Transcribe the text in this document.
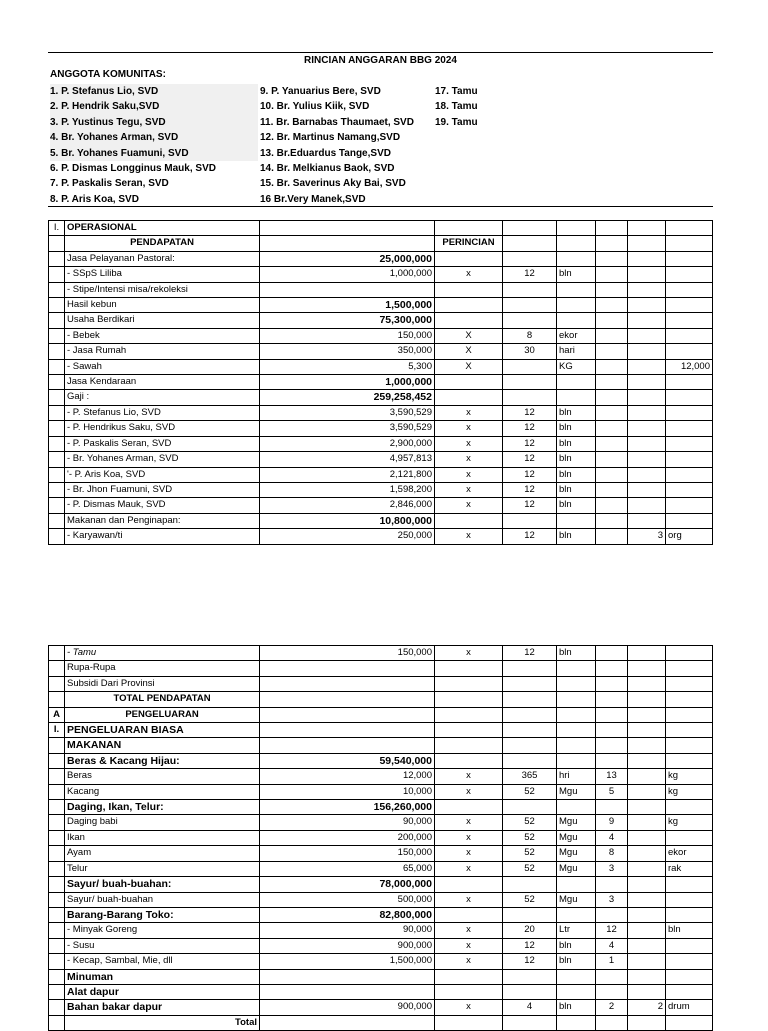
RINCIAN ANGGARAN BBG 2024
ANGGOTA KOMUNITAS:
1. P. Stefanus Lio, SVD
2. P. Hendrik Saku,SVD
3. P. Yustinus Tegu, SVD
4. Br. Yohanes Arman, SVD
5. Br. Yohanes Fuamuni, SVD
6. P. Dismas Longginus Mauk, SVD
7. P. Paskalis Seran, SVD
8. P. Aris Koa, SVD
9. P. Yanuarius Bere, SVD
10. Br. Yulius Kiik, SVD
11. Br. Barnabas Thaumaet, SVD
12. Br. Martinus Namang,SVD
13. Br.Eduardus Tange,SVD
14. Br. Melkianus Baok, SVD
15. Br. Saverinus Aky Bai, SVD
16 Br.Very Manek,SVD
17. Tamu
18. Tamu
19. Tamu
I.	OPERASIONAL							
	PENDAPATAN		PERINCIAN					
	Jasa Pelayanan Pastoral:	25,000,000						
	- SSpS Liliba	1,000,000	x	12	bln			
	- Stipe/Intensi misa/rekoleksi							
	Hasil kebun	1,500,000						
	Usaha Berdikari	75,300,000						
	- Bebek	150,000	X	8	ekor			
	- Jasa Rumah	350,000	X	30	hari			
	- Sawah	5,300	X		KG			12,000
	Jasa Kendaraan	1,000,000						
	Gaji :	259,258,452						
	- P. Stefanus Lio, SVD	3,590,529	x	12	bln			
	- P. Hendrikus Saku, SVD	3,590,529	x	12	bln			
	- P. Paskalis Seran, SVD	2,900,000	x	12	bln			
	- Br. Yohanes Arman, SVD	4,957,813	x	12	bln			
	'- P. Aris Koa, SVD	2,121,800	x	12	bln			
	- Br. Jhon Fuamuni, SVD	1,598,200	x	12	bln			
	- P. Dismas Mauk, SVD	2,846,000	x	12	bln			
	Makanan dan Penginapan:	10,800,000						
	- Karyawan/ti	250,000	x	12	bln		3	org
	- Tamu	150,000	x	12	bln			
	Rupa-Rupa							
	Subsidi Dari Provinsi							
	TOTAL PENDAPATAN							
A	PENGELUARAN							
I.	PENGELUARAN BIASA							
	MAKANAN							
	Beras & Kacang Hijau:	59,540,000						
	Beras	12,000	x	365	hri	13		kg
	Kacang	10,000	x	52	Mgu	5		kg
	Daging, Ikan, Telur:	156,260,000						
	Daging babi	90,000	x	52	Mgu	9		kg
	Ikan	200,000	x	52	Mgu	4		
	Ayam	150,000	x	52	Mgu	8		ekor
	Telur	65,000	x	52	Mgu	3		rak
	Sayur/ buah-buahan:	78,000,000						
	Sayur/ buah-buahan	500,000	x	52	Mgu	3		
	Barang-Barang Toko:	82,800,000						
	- Minyak Goreng	90,000	x	20	Ltr	12		bln
	- Susu	900,000	x	12	bln	4		
	- Kecap, Sambal, Mie, dll	1,500,000	x	12	bln	1		
	Minuman							
	Alat dapur							
	Bahan bakar dapur	900,000	x	4	bln	2	2	drum
	Total							
